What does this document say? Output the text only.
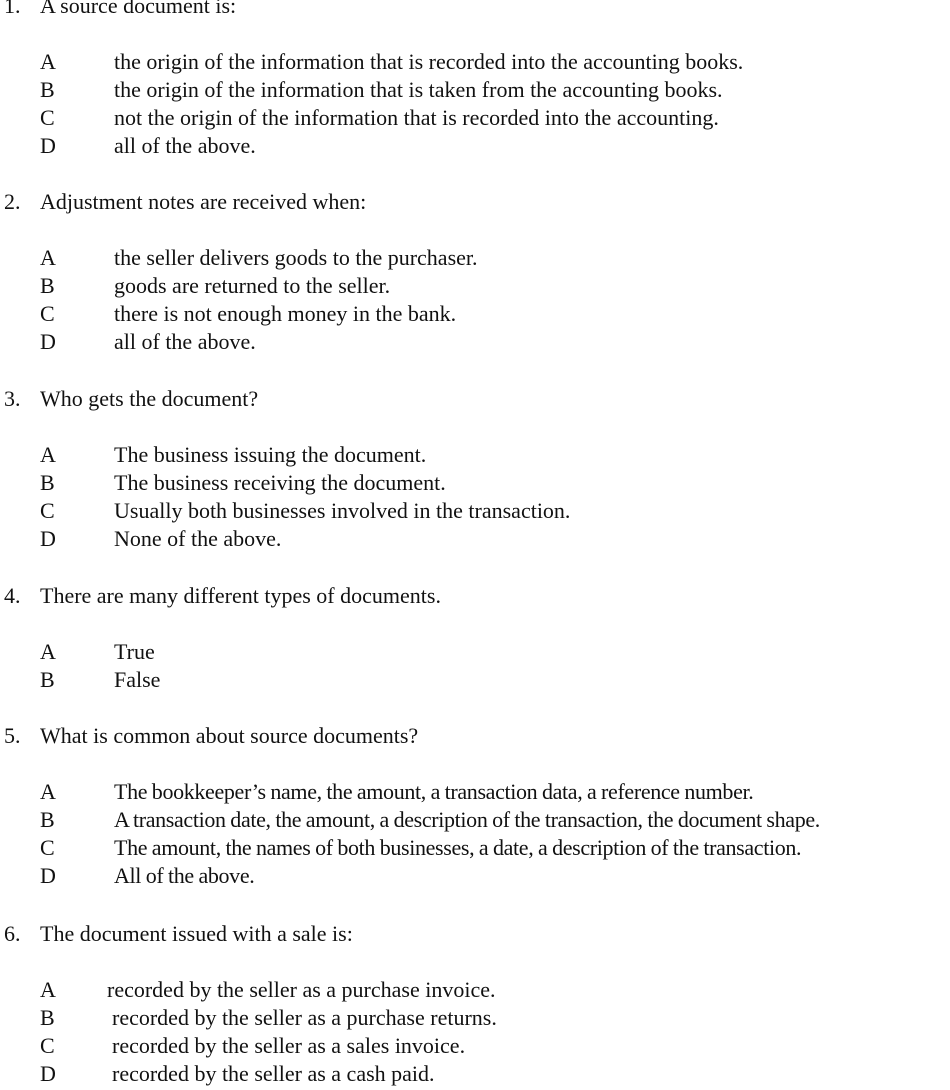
1. A source document is:
A	the origin of the information that is recorded into the accounting books.
B	the origin of the information that is taken from the accounting books.
C	not the origin of the information that is recorded into the accounting.
D	all of the above.
2. Adjustment notes are received when:
A	the seller delivers goods to the purchaser.
B	goods are returned to the seller.
C	there is not enough money in the bank.
D	all of the above.
3. Who gets the document?
A	The business issuing the document.
B	The business receiving the document.
C	Usually both businesses involved in the transaction.
D	None of the above.
4. There are many different types of documents.
A	True
B	False
5. What is common about source documents?
A	The bookkeeper’s name, the amount, a transaction data, a reference number.
B	A transaction date, the amount, a description of the transaction, the document shape.
C	The amount, the names of both businesses, a date, a description of the transaction.
D	All of the above.
6. The document issued with a sale is:
A recorded by the seller as a purchase invoice.
B	recorded by the seller as a purchase returns.
C	recorded by the seller as a sales invoice.
D	recorded by the seller as a cash paid.
